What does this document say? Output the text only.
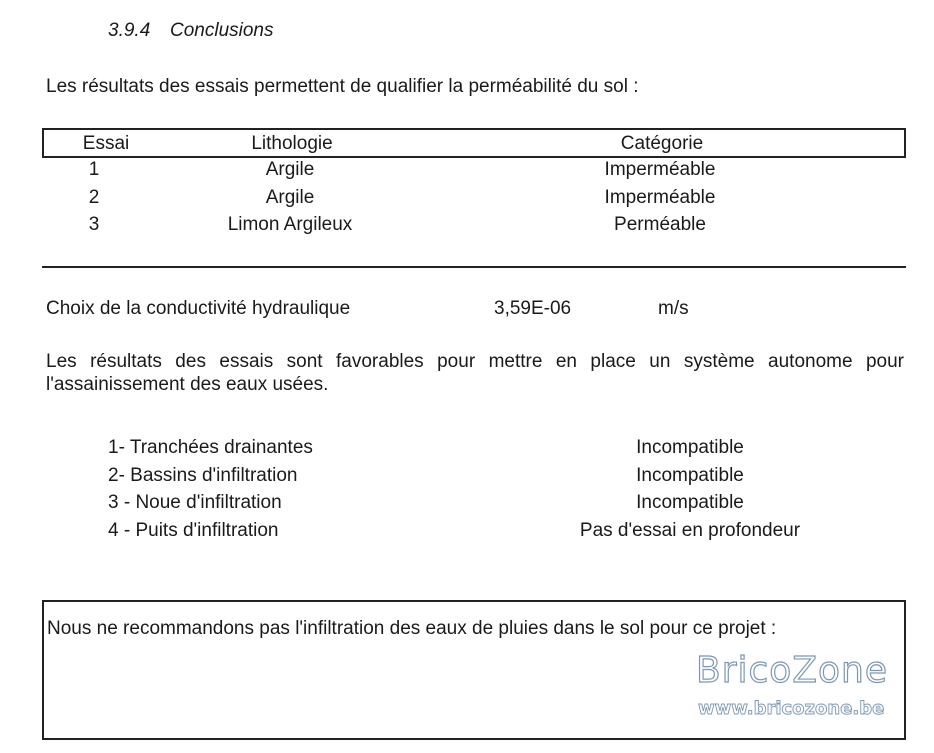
3.9.4 Conclusions
Les résultats des essais permettent de qualifier la perméabilité du sol :
Essai	Lithologie	Catégorie
1	Argile	Imperméable
2	Argile	Imperméable
3	Limon Argileux	Perméable
Choix de la conductivité hydraulique	3,59E-06	m/s
Les résultats des essais sont favorables pour mettre en place un système autonome pour l'assainissement des eaux usées.
1- Tranchées drainantes	Incompatible
2- Bassins d'infiltration	Incompatible
3 - Noue d'infiltration	Incompatible
4 - Puits d'infiltration	Pas d'essai en profondeur
Nous ne recommandons pas l'infiltration des eaux de pluies dans le sol pour ce projet :
BricoZone
www.bricozone.be
